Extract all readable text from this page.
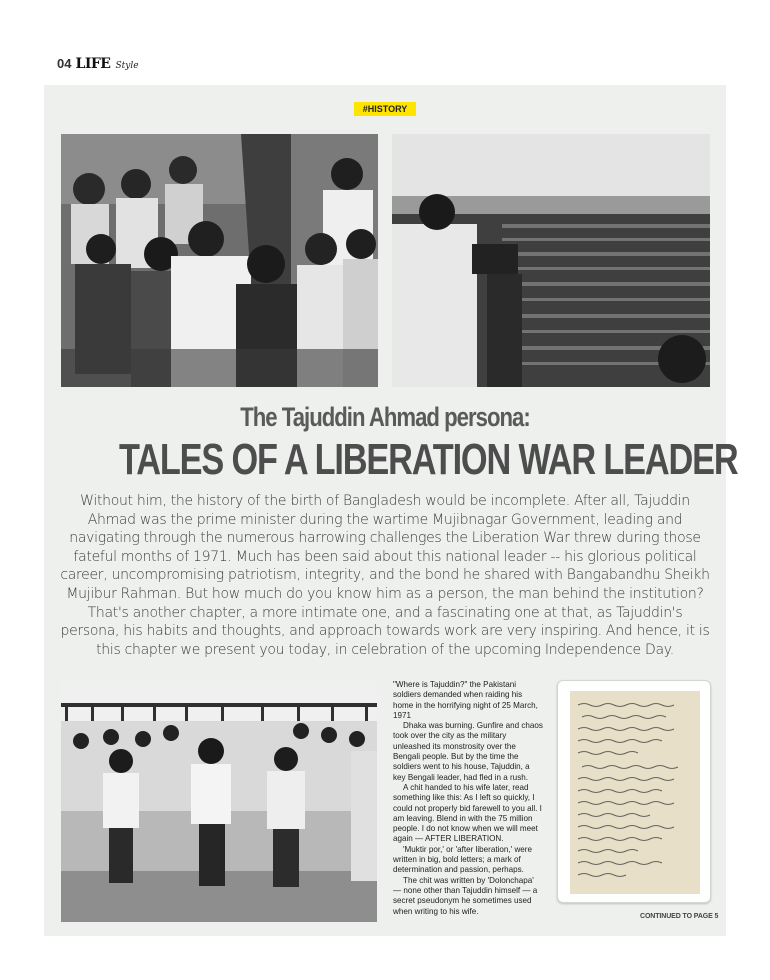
04 LIFE Style
#HISTORY
The Tajuddin Ahmad persona:
TALES OF A LIBERATION WAR LEADER

Without him, the history of the birth of Bangladesh would be incomplete. After all, Tajuddin Ahmad was the prime minister during the wartime Mujibnagar Government, leading and navigating through the numerous harrowing challenges the Liberation War threw during those fateful months of 1971. Much has been said about this national leader -- his glorious political career, uncompromising patriotism, integrity, and the bond he shared with Bangabandhu Sheikh Mujibur Rahman. But how much do you know him as a person, the man behind the institution?

That's another chapter, a more intimate one, and a fascinating one at that, as Tajuddin's persona, his habits and thoughts, and approach towards work are very inspiring. And hence, it is this chapter we present you today, in celebration of the upcoming Independence Day.

"Where is Tajuddin?" the Pakistani soldiers demanded when raiding his home in the horrifying night of 25 March, 1971

Dhaka was burning. Gunfire and chaos took over the city as the military unleashed its monstrosity over the Bengali people. But by the time the soldiers went to his house, Tajuddin, a key Bengali leader, had fled in a rush.

A chit handed to his wife later, read something like this: As I left so quickly, I could not properly bid farewell to you all. I am leaving. Blend in with the 75 million people. I do not know when we will meet again — AFTER LIBERATION.

'Muktir por,' or 'after liberation,' were written in big, bold letters; a mark of determination and passion, perhaps.

The chit was written by 'Dolonchapa' — none other than Tajuddin himself — a secret pseudonym he sometimes used when writing to his wife.

CONTINUED TO PAGE 5
